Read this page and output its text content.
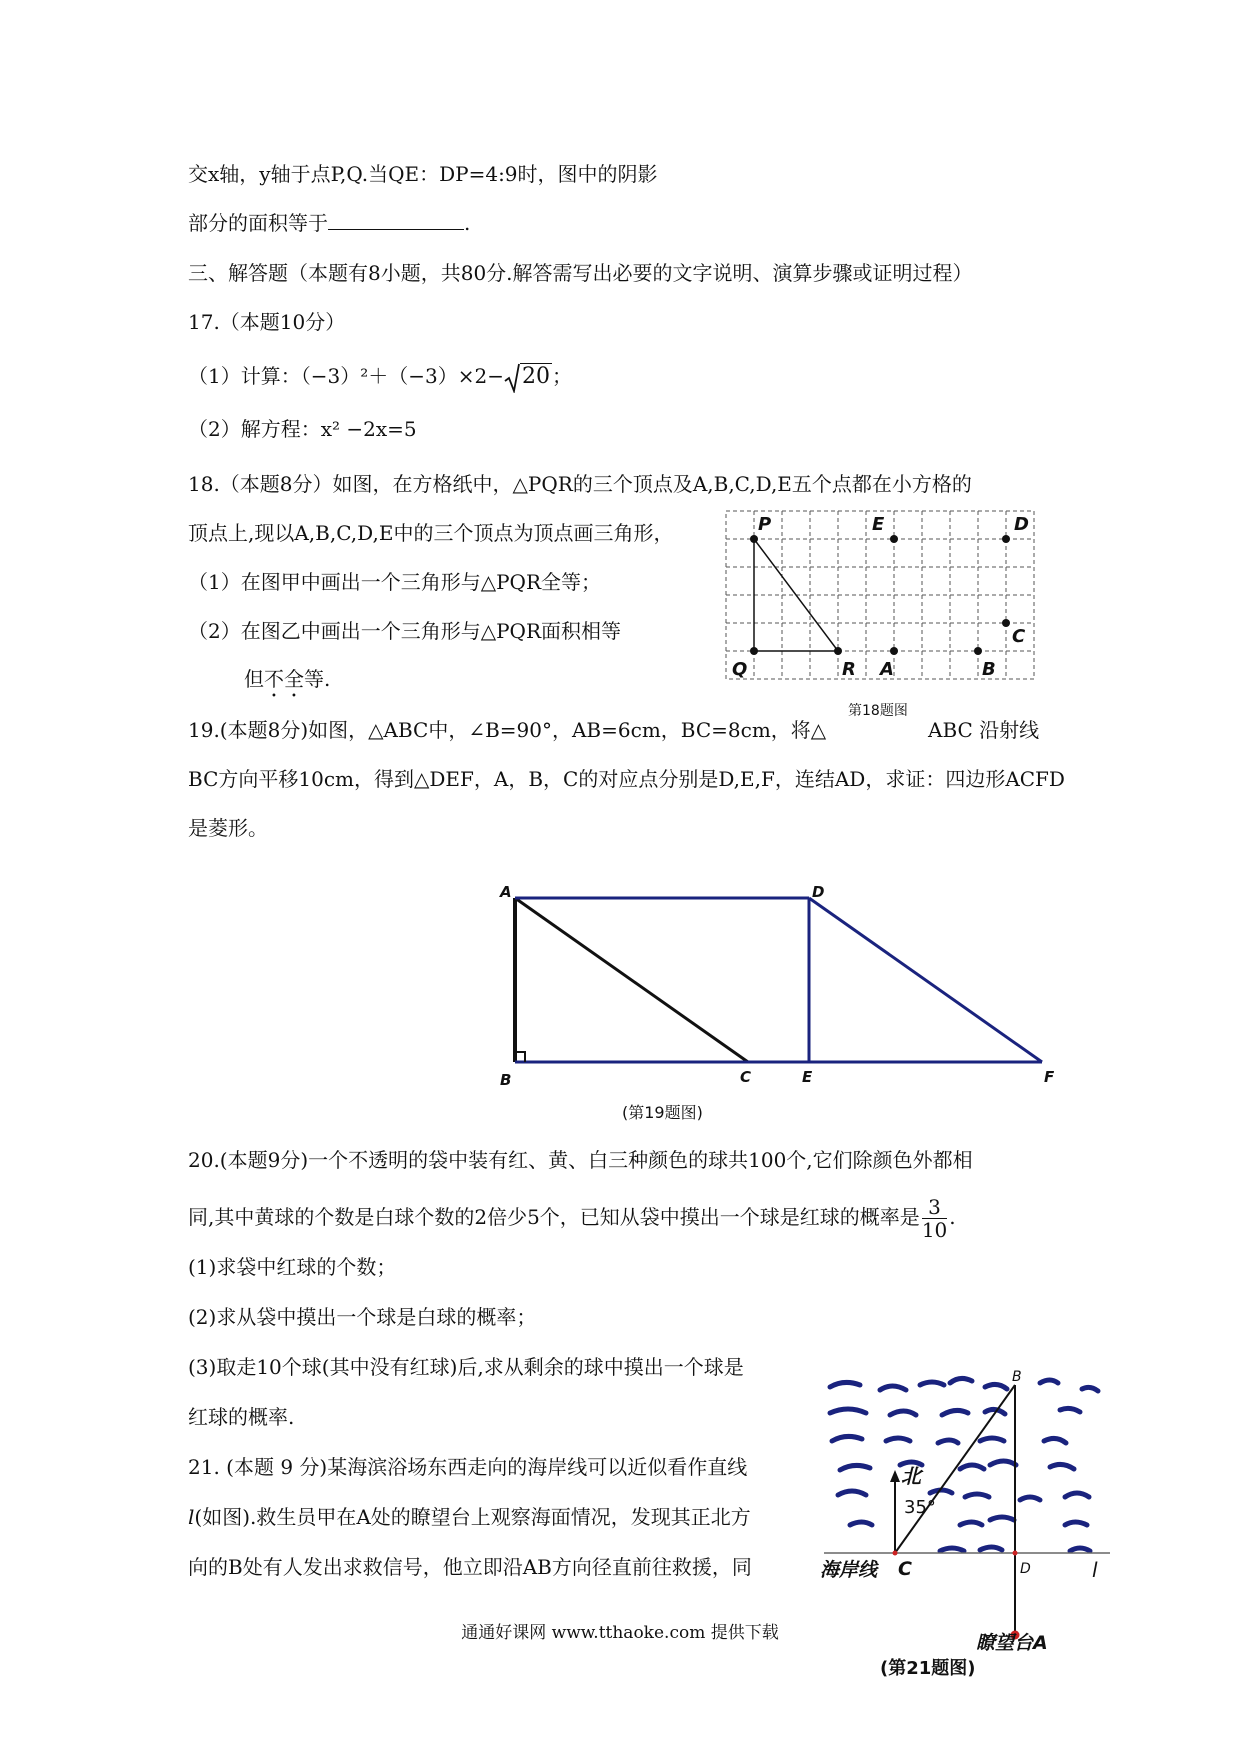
交x轴，y轴于点P,Q.当QE：DP=4:9时，图中的阴影
部分的面积等于	.
三、解答题（本题有8小题，共80分.解答需写出必要的文字说明、演算步骤或证明过程）
17.（本题10分）
（1）计算：（−3）²＋（−3）×2− 20 ；
（2）解方程：x² −2x=5
18.（本题8分）如图，在方格纸中，△PQR的三个顶点及A,B,C,D,E五个点都在小方格的
顶点上,现以A,B,C,D,E中的三个顶点为顶点画三角形，
（1）在图甲中画出一个三角形与△PQR全等；
（2）在图乙中画出一个三角形与△PQR面积相等
但不全等.
19.(本题8分)如图，△ABC中，∠B=90°，AB=6cm，BC=8cm，将△	ABC 沿射线
BC方向平移10cm，得到△DEF，A，B，C的对应点分别是D,E,F，连结AD，求证：四边形ACFD
是菱形。
20.(本题9分)一个不透明的袋中装有红、黄、白三种颜色的球共100个,它们除颜色外都相
同,其中黄球的个数是白球个数的2倍少5个，已知从袋中摸出一个球是红球的概率是 $\frac{3}{10}$ .
(1)求袋中红球的个数；
(2)求从袋中摸出一个球是白球的概率；
(3)取走10个球(其中没有红球)后,求从剩余的球中摸出一个球是
红球的概率.
21. (本题 9 分)某海滨浴场东西走向的海岸线可以近似看作直线
l(如图).救生员甲在A处的瞭望台上观察海面情况，发现其正北方
向的B处有人发出求救信号，他立即沿AB方向径直前往救援，同
P	E	D
C
Q	R A	B
第18题图
A	D
B	C	E	F
(第19题图)
B
北
35°
海岸线 C	D	l
瞭望台A
(第21题图)
通通好课网 www.tthaoke.com 提供下载
